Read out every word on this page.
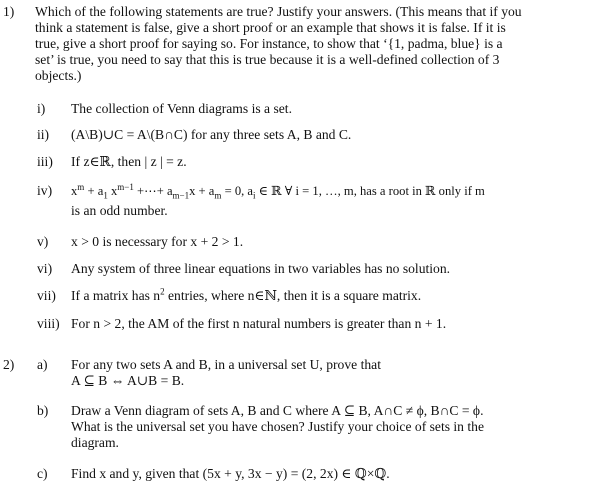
1) Which of the following statements are true? Justify your answers. (This means that if you
think a statement is false, give a short proof or an example that shows it is false. If it is
true, give a short proof for saying so. For instance, to show that ‘{1, padma, blue} is a
set’ is true, you need to say that this is true because it is a well-defined collection of 3
objects.)
i) The collection of Venn diagrams is a set.
ii) (A\B)∪C = A\(B∩C) for any three sets A, B and C.
iii) If z∈ℝ, then | z | = z.
iv) $x^m + a_1$ $x^{m-1}$ +⋯+ $a_{m-1}x + a_m = 0$, $a_i$ ∈ ℝ ∀ i = 1, …, m, has a root in ℝ only if m
is an odd number.
v) x > 0 is necessary for x + 2 > 1.
vi) Any system of three linear equations in two variables has no solution.
vii) If a matrix has $n^2$ entries, where n∈ℕ, then it is a square matrix.
viii) For n > 2, the AM of the first n natural numbers is greater than n + 1.
2) a) For any two sets A and B, in a universal set U, prove that
A ⊆ B ⇔ A∪B = B.
b) Draw a Venn diagram of sets A, B and C where A ⊆ B, A∩C ≠ ϕ, B∩C = ϕ.
What is the universal set you have chosen? Justify your choice of sets in the
diagram.
c) Find x and y, given that (5x + y, 3x − y) = (2, 2x) ∈ ℚ×ℚ.
